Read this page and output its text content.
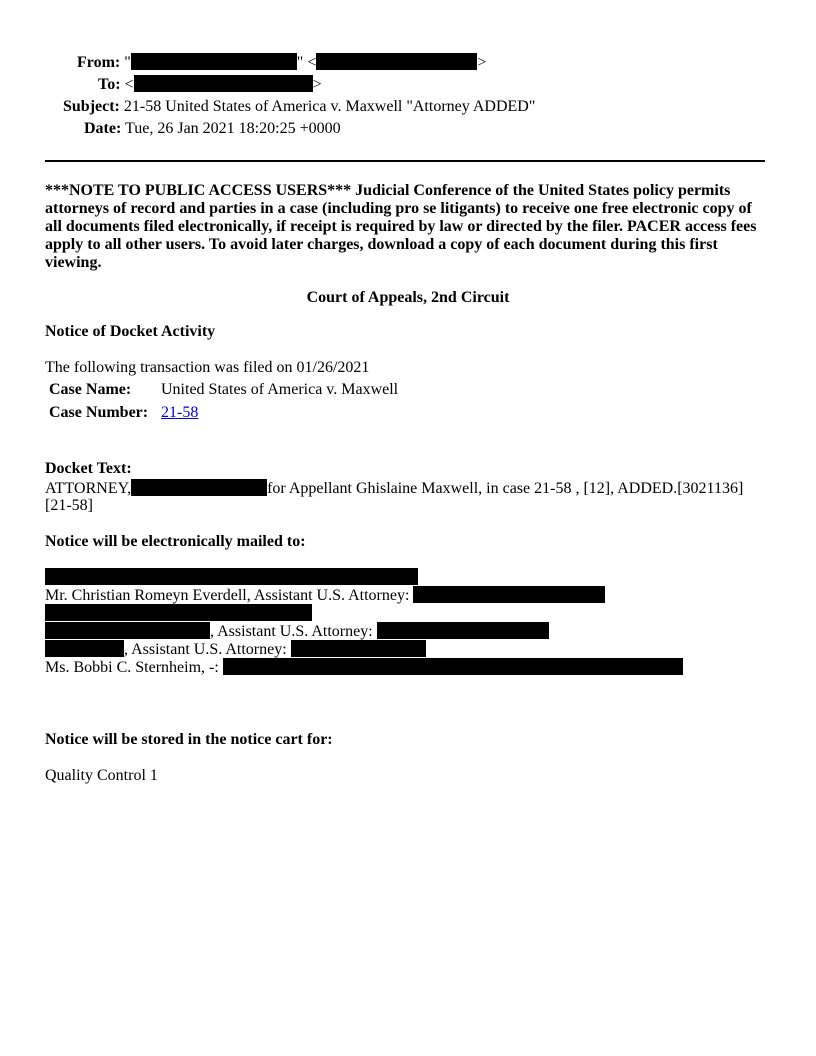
From: "	" <	>
To: <	>
Subject: 21-58 United States of America v. Maxwell "Attorney ADDED"
Date: Tue, 26 Jan 2021 18:20:25 +0000
***NOTE TO PUBLIC ACCESS USERS*** Judicial Conference of the United States policy permits attorneys of record and parties in a case (including pro se litigants) to receive one free electronic copy of all documents filed electronically, if receipt is required by law or directed by the filer. PACER access fees apply to all other users. To avoid later charges, download a copy of each document during this first viewing.
Court of Appeals, 2nd Circuit
Notice of Docket Activity
The following transaction was filed on 01/26/2021
Case Name: United States of America v. Maxwell
Case Number: 21-58
Docket Text:
ATTORNEY,	for Appellant Ghislaine Maxwell, in case 21-58 , [12], ADDED.[3021136]
[21-58]
Notice will be electronically mailed to:
Mr. Christian Romeyn Everdell, Assistant U.S. Attorney:
, Assistant U.S. Attorney:
, Assistant U.S. Attorney:
Ms. Bobbi C. Sternheim, -:
Notice will be stored in the notice cart for:
Quality Control 1
